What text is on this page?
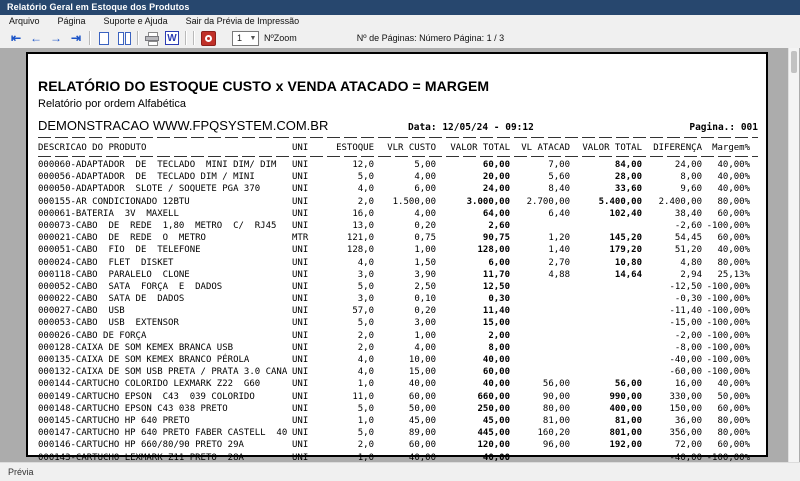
Relatório Geral em Estoque dos Produtos
Arquivo	Página	Suporte e Ajuda	Sair da Prévia de Impressão
⇤ ← → ⇥	W	1	▼ NºZoom	Nº de Páginas: Número Página: 1 / 3
RELATÓRIO DO ESTOQUE CUSTO x VENDA ATACADO = MARGEM
Relatório por ordem Alfabética
DEMONSTRACAO WWW.FPQSYSTEM.COM.BR	Data: 12/05/24 - 09:12	Pagina.: 001
DESCRICAO DO PRODUTO	UNI	ESTOQUE	VLR CUSTO	VALOR TOTAL	VL ATACAD	VALOR TOTAL	DIFERENÇA	Margem%
000060-ADAPTADOR  DE  TECLADO  MINI DIM/ DIM	UNI	12,0	5,00	60,00	7,00	84,00	24,00	40,00%
000056-ADAPTADOR  DE  TECLADO DIM / MINI	UNI	5,0	4,00	20,00	5,60	28,00	8,00	40,00%
000050-ADAPTADOR  SLOTE / SOQUETE PGA 370	UNI	4,0	6,00	24,00	8,40	33,60	9,60	40,00%
000155-AR CONDICIONADO 12BTU	UNI	2,0	1.500,00	3.000,00	2.700,00	5.400,00	2.400,00	80,00%
000061-BATERIA  3V  MAXELL	UNI	16,0	4,00	64,00	6,40	102,40	38,40	60,00%
000073-CABO  DE  REDE  1,80  METRO  C/  RJ45	UNI	13,0	0,20	2,60	-2,60 -100,00%
000021-CABO  DE  REDE  O  METRO	MTR	121,0	0,75	90,75	1,20	145,20	54,45	60,00%
000051-CABO  FIO  DE  TELEFONE	UNI	128,0	1,00	128,00	1,40	179,20	51,20	40,00%
000024-CABO  FLET  DISKET	UNI	4,0	1,50	6,00	2,70	10,80	4,80	80,00%
000118-CABO  PARALELO  CLONE	UNI	3,0	3,90	11,70	4,88	14,64	2,94	25,13%
000052-CABO  SATA  FORÇA  E  DADOS	UNI	5,0	2,50	12,50	-12,50 -100,00%
000022-CABO  SATA DE  DADOS	UNI	3,0	0,10	0,30	-0,30 -100,00%
000027-CABO  USB	UNI	57,0	0,20	11,40	-11,40 -100,00%
000053-CABO  USB  EXTENSOR	UNI	5,0	3,00	15,00	-15,00 -100,00%
000026-CABO DE FORÇA	UNI	2,0	1,00	2,00	-2,00 -100,00%
000128-CAIXA DE SOM KEMEX BRANCA USB	UNI	2,0	4,00	8,00	-8,00 -100,00%
000135-CAIXA DE SOM KEMEX BRANCO PÉROLA	UNI	4,0	10,00	40,00	-40,00 -100,00%
000132-CAIXA DE SOM USB PRETA / PRATA 3.0 CANA UNI	4,0	15,00	60,00	-60,00 -100,00%
000144-CARTUCHO COLORIDO LEXMARK Z22  G60	UNI	1,0	40,00	40,00	56,00	56,00	16,00	40,00%
000149-CARTUCHO EPSON  C43  039 COLORIDO	UNI	11,0	60,00	660,00	90,00	990,00	330,00	50,00%
000148-CARTUCHO EPSON C43 038 PRETO	UNI	5,0	50,00	250,00	80,00	400,00	150,00	60,00%
000145-CARTUCHO HP 640 PRETO	UNI	1,0	45,00	45,00	81,00	81,00	36,00	80,00%
000147-CARTUCHO HP 640 PRETO FABER CASTELL  40 UNI	5,0	89,00	445,00	160,20	801,00	356,00	80,00%
000146-CARTUCHO HP 660/80/90 PRETO 29A	UNI	2,0	60,00	120,00	96,00	192,00	72,00	60,00%
000143-CARTUCHO LEXMARK Z11 PRETO  28A	UNI	1,0	40,00	40,00	-40,00 -100,00%
Prévia
